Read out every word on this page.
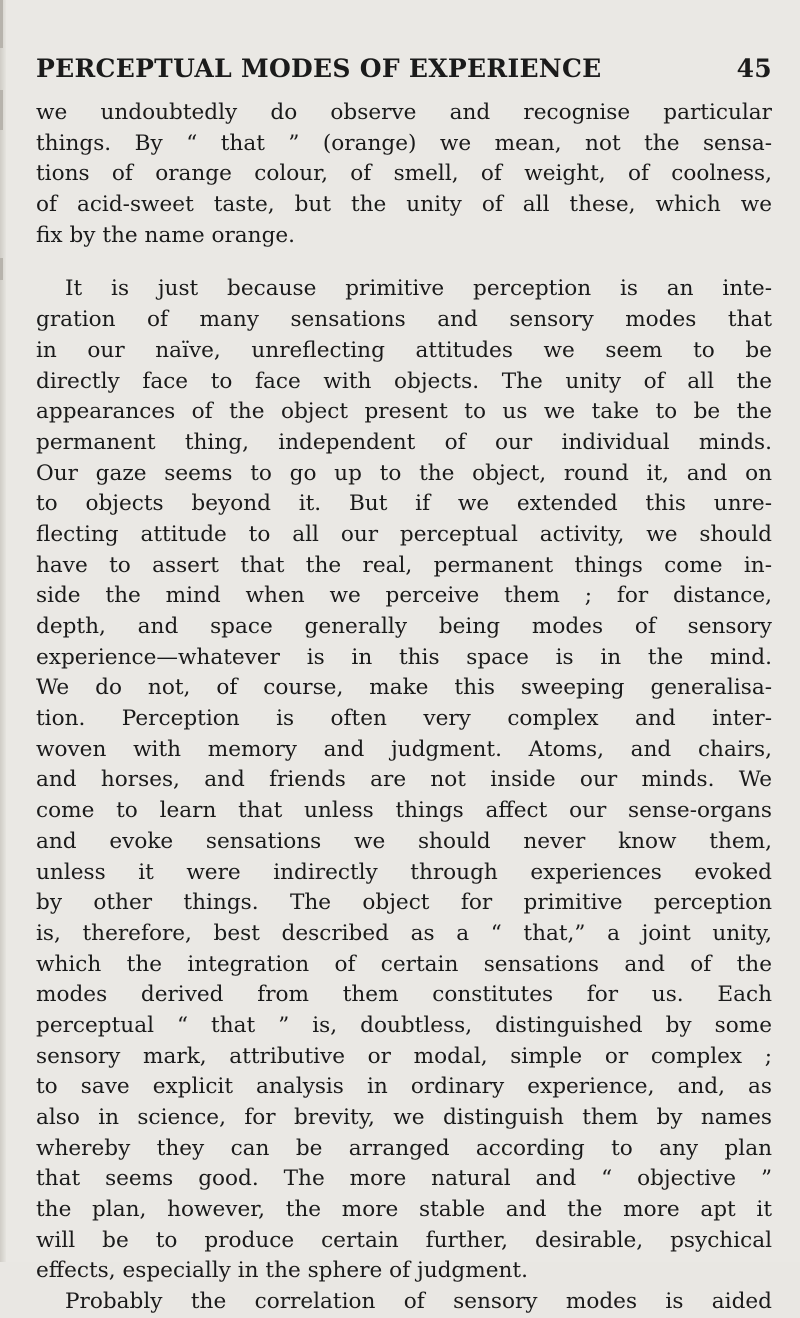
PERCEPTUAL MODES OF EXPERIENCE	45
we undoubtedly do observe and recognise particular
things. By “ that ” (orange) we mean, not the sensa-
tions of orange colour, of smell, of weight, of coolness,
of acid-sweet taste, but the unity of all these, which we
fix by the name orange.
It is just because primitive perception is an inte-
gration of many sensations and sensory modes that
in our naïve, unreflecting attitudes we seem to be
directly face to face with objects. The unity of all the
appearances of the object present to us we take to be the
permanent thing, independent of our individual minds.
Our gaze seems to go up to the object, round it, and on
to objects beyond it. But if we extended this unre-
flecting attitude to all our perceptual activity, we should
have to assert that the real, permanent things come in-
side the mind when we perceive them ; for distance,
depth, and space generally being modes of sensory
experience—whatever is in this space is in the mind.
We do not, of course, make this sweeping generalisa-
tion. Perception is often very complex and inter-
woven with memory and judgment. Atoms, and chairs,
and horses, and friends are not inside our minds. We
come to learn that unless things affect our sense-organs
and evoke sensations we should never know them,
unless it were indirectly through experiences evoked
by other things. The object for primitive perception
is, therefore, best described as a “ that,” a joint unity,
which the integration of certain sensations and of the
modes derived from them constitutes for us. Each
perceptual “ that ” is, doubtless, distinguished by some
sensory mark, attributive or modal, simple or complex ;
to save explicit analysis in ordinary experience, and, as
also in science, for brevity, we distinguish them by names
whereby they can be arranged according to any plan
that seems good. The more natural and “ objective ”
the plan, however, the more stable and the more apt it
will be to produce certain further, desirable, psychical
effects, especially in the sphere of judgment.
Probably the correlation of sensory modes is aided
